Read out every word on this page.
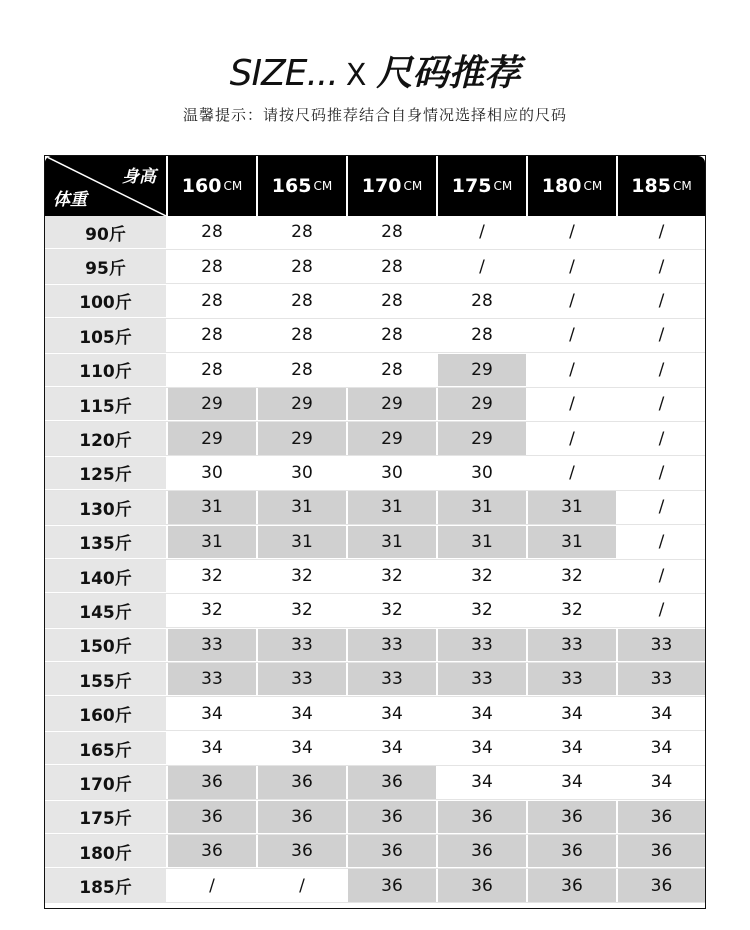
SIZE... X 尺码推荐
温馨提示：请按尺码推荐结合自身情况选择相应的尺码
身高
体重
160 CM 165 CM 170 CM 175 CM 180 CM 185 CM
90斤	28	28	28	/	/	/
95斤	28	28	28	/	/	/
100斤	28	28	28	28	/	/
105斤	28	28	28	28	/	/
110斤	28	28	28	29	/	/
115斤	29	29	29	29	/	/
120斤	29	29	29	29	/	/
125斤	30	30	30	30	/	/
130斤	31	31	31	31	31	/
135斤	31	31	31	31	31	/
140斤	32	32	32	32	32	/
145斤	32	32	32	32	32	/
150斤	33	33	33	33	33	33
155斤	33	33	33	33	33	33
160斤	34	34	34	34	34	34
165斤	34	34	34	34	34	34
170斤	36	36	36	34	34	34
175斤	36	36	36	36	36	36
180斤	36	36	36	36	36	36
185斤	/	/	36	36	36	36
